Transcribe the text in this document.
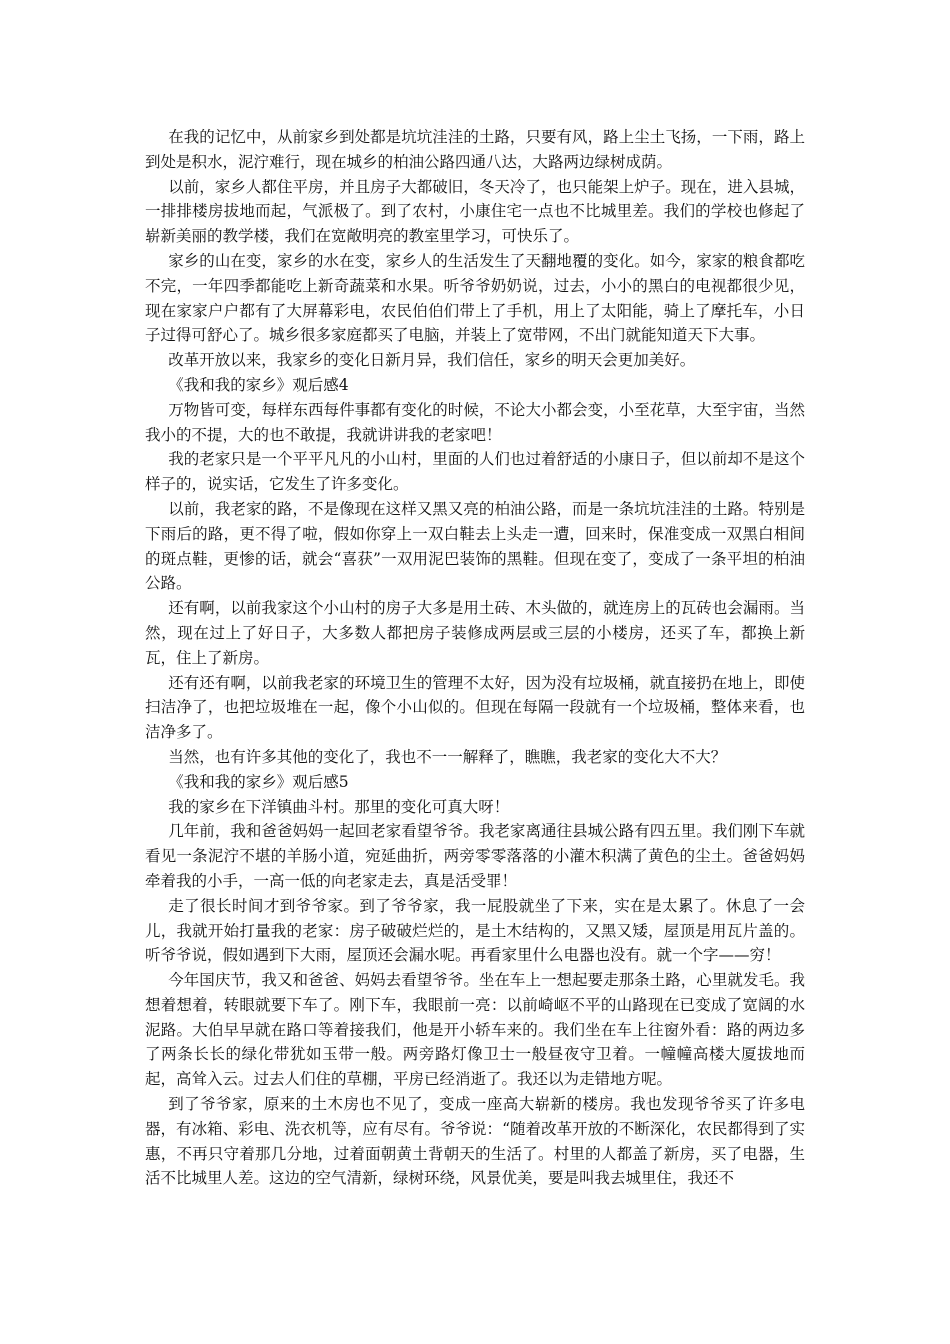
在我的记忆中，从前家乡到处都是坑坑洼洼的土路，只要有风，路上尘土飞扬，一下雨，路上到处是积水，泥泞难行，现在城乡的柏油公路四通八达，大路两边绿树成荫。

以前，家乡人都住平房，并且房子大都破旧，冬天冷了，也只能架上炉子。现在，进入县城，一排排楼房拔地而起，气派极了。到了农村，小康住宅一点也不比城里差。我们的学校也修起了崭新美丽的教学楼，我们在宽敞明亮的教室里学习，可快乐了。

家乡的山在变，家乡的水在变，家乡人的生活发生了天翻地覆的变化。如今，家家的粮食都吃不完，一年四季都能吃上新奇蔬菜和水果。听爷爷奶奶说，过去，小小的黑白的电视都很少见，现在家家户户都有了大屏幕彩电，农民伯伯们带上了手机，用上了太阳能，骑上了摩托车，小日子过得可舒心了。城乡很多家庭都买了电脑，并装上了宽带网，不出门就能知道天下大事。

改革开放以来，我家乡的变化日新月异，我们信任，家乡的明天会更加美好。

《我和我的家乡》观后感4

万物皆可变，每样东西每件事都有变化的时候，不论大小都会变，小至花草，大至宇宙，当然我小的不提，大的也不敢提，我就讲讲我的老家吧！

我的老家只是一个平平凡凡的小山村，里面的人们也过着舒适的小康日子，但以前却不是这个样子的，说实话，它发生了许多变化。

以前，我老家的路，不是像现在这样又黑又亮的柏油公路，而是一条坑坑洼洼的土路。特别是下雨后的路，更不得了啦，假如你穿上一双白鞋去上头走一遭，回来时，保准变成一双黑白相间的斑点鞋，更惨的话，就会“喜获”一双用泥巴装饰的黑鞋。但现在变了，变成了一条平坦的柏油公路。

还有啊，以前我家这个小山村的房子大多是用土砖、木头做的，就连房上的瓦砖也会漏雨。当然，现在过上了好日子，大多数人都把房子装修成两层或三层的小楼房，还买了车，都换上新瓦，住上了新房。

还有还有啊，以前我老家的环境卫生的管理不太好，因为没有垃圾桶，就直接扔在地上，即使扫洁净了，也把垃圾堆在一起，像个小山似的。但现在每隔一段就有一个垃圾桶，整体来看，也洁净多了。

当然，也有许多其他的变化了，我也不一一解释了，瞧瞧，我老家的变化大不大？

《我和我的家乡》观后感5

我的家乡在下洋镇曲斗村。那里的变化可真大呀！

几年前，我和爸爸妈妈一起回老家看望爷爷。我老家离通往县城公路有四五里。我们刚下车就看见一条泥泞不堪的羊肠小道，宛延曲折，两旁零零落落的小灌木积满了黄色的尘土。爸爸妈妈牵着我的小手，一高一低的向老家走去，真是活受罪！

走了很长时间才到爷爷家。到了爷爷家，我一屁股就坐了下来，实在是太累了。休息了一会儿，我就开始打量我的老家：房子破破烂烂的，是土木结构的，又黑又矮，屋顶是用瓦片盖的。听爷爷说，假如遇到下大雨，屋顶还会漏水呢。再看家里什么电器也没有。就一个字——穷！

今年国庆节，我又和爸爸、妈妈去看望爷爷。坐在车上一想起要走那条土路，心里就发毛。我想着想着，转眼就要下车了。刚下车，我眼前一亮：以前崎岖不平的山路现在已变成了宽阔的水泥路。大伯早早就在路口等着接我们，他是开小轿车来的。我们坐在车上往窗外看：路的两边多了两条长长的绿化带犹如玉带一般。两旁路灯像卫士一般昼夜守卫着。一幢幢高楼大厦拔地而起，高耸入云。过去人们住的草棚，平房已经消逝了。我还以为走错地方呢。

到了爷爷家，原来的土木房也不见了，变成一座高大崭新的楼房。我也发现爷爷买了许多电器，有冰箱、彩电、洗衣机等，应有尽有。爷爷说：“随着改革开放的不断深化，农民都得到了实惠，不再只守着那几分地，过着面朝黄土背朝天的生活了。村里的人都盖了新房，买了电器，生活不比城里人差。这边的空气清新，绿树环绕，风景优美，要是叫我去城里住，我还不
